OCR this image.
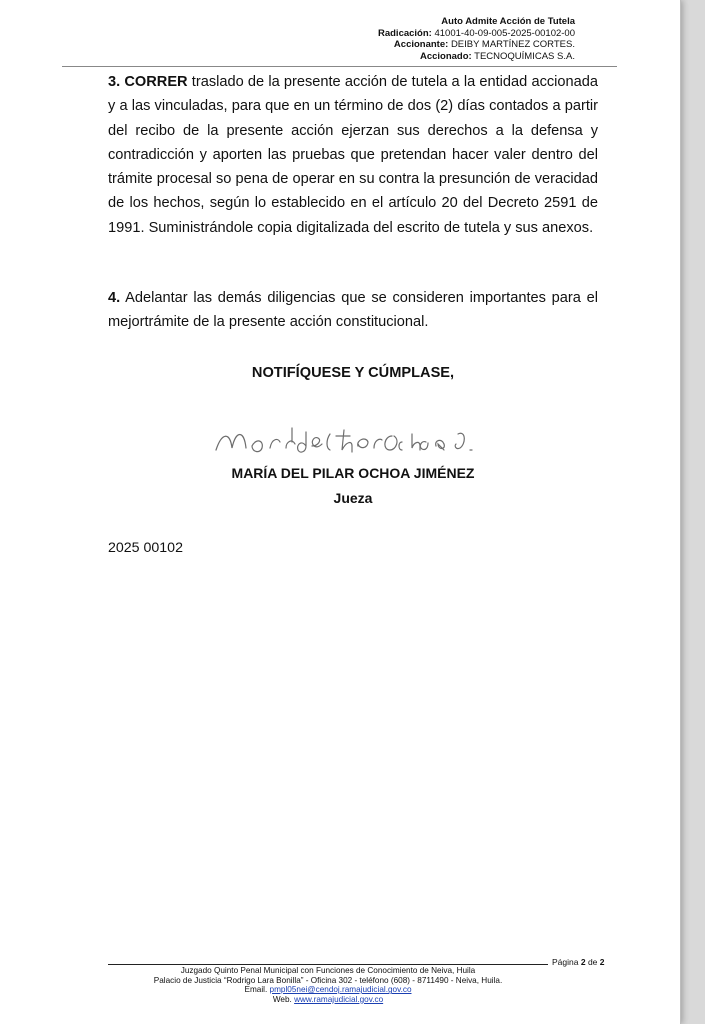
Auto Admite Acción de Tutela
Radicación: 41001-40-09-005-2025-00102-00
Accionante: DEIBY MARTÍNEZ CORTES.
Accionado: TECNOQUÍMICAS S.A.
3. CORRER traslado de la presente acción de tutela a la entidad accionada y a las vinculadas, para que en un término de dos (2) días contados a partir del recibo de la presente acción ejerzan sus derechos a la defensa y contradicción y aporten las pruebas que pretendan hacer valer dentro del trámite procesal so pena de operar en su contra la presunción de veracidad de los hechos, según lo establecido en el artículo 20 del Decreto 2591 de 1991. Suministrándole copia digitalizada del escrito de tutela y sus anexos.
4. Adelantar las demás diligencias que se consideren importantes para el mejortrámite de la presente acción constitucional.
NOTIFÍQUESE Y CÚMPLASE,
MARÍA DEL PILAR OCHOA JIMÉNEZ
Jueza
2025 00102
Página 2 de 2
Juzgado Quinto Penal Municipal con Funciones de Conocimiento de Neiva, Huila
Palacio de Justicia “Rodrigo Lara Bonilla” - Oficina 302 - teléfono (608) - 8711490 - Neiva, Huila.
Email. pmpl05nei@cendoj.ramajudicial.gov.co
Web. www.ramajudicial.gov.co
